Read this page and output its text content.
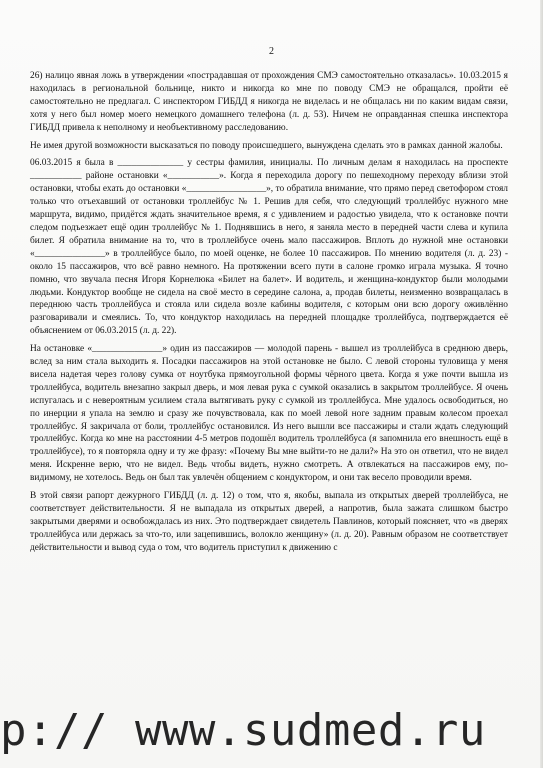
2

26) налицо явная ложь в утверждении «пострадавшая от прохождения СМЭ самостоятельно отказалась». 10.03.2015 я находилась в региональной больнице, никто и никогда ко мне по поводу СМЭ не обращался, пройти её самостоятельно не предлагал. С инспектором ГИБДД я никогда не виделась и не общалась ни по каким видам связи, хотя у него был номер моего немецкого домашнего телефона (л. д. 53). Ничем не оправданная спешка инспектора ГИБДД привела к неполному и необъективному расследованию.

Не имея другой возможности высказаться по поводу происшедшего, вынуждена сделать это в рамках данной жалобы.

06.03.2015 я была в ______________ у сестры фамилия, инициалы. По личным делам я находилась на проспекте ___________ районе остановки «___________». Когда я переходила дорогу по пешеходному переходу вблизи этой остановки, чтобы ехать до остановки «_________________», то обратила внимание, что прямо перед светофором стоял только что отъехавший от остановки троллейбус № 1. Решив для себя, что следующий троллейбус нужного мне маршрута, видимо, придётся ждать значительное время, я с удивлением и радостью увидела, что к остановке почти следом подъезжает ещё один троллейбус № 1. Поднявшись в него, я заняла место в передней части слева и купила билет. Я обратила внимание на то, что в троллейбусе очень мало пассажиров. Вплоть до нужной мне остановки «_______________» в троллейбусе было, по моей оценке, не более 10 пассажиров. По мнению водителя (л. д. 23) - около 15 пассажиров, что всё равно немного. На протяжении всего пути в салоне громко играла музыка. Я точно помню, что звучала песня Игоря Корнелюка «Билет на балет». И водитель, и женщина-кондуктор были молодыми людьми. Кондуктор вообще не сидела на своё место в середине салона, а, продав билеты, неизменно возвращалась в переднюю часть троллейбуса и стояла или сидела возле кабины водителя, с которым они всю дорогу оживлённо разговаривали и смеялись. То, что кондуктор находилась на передней площадке троллейбуса, подтверждается её объяснением от 06.03.2015 (л. д. 22).

На остановке «_______________» один из пассажиров — молодой парень - вышел из троллейбуса в среднюю дверь, вслед за ним стала выходить я. Посадки пассажиров на этой остановке не было. С левой стороны туловища у меня висела надетая через голову сумка от ноутбука прямоугольной формы чёрного цвета. Когда я уже почти вышла из троллейбуса, водитель внезапно закрыл дверь, и моя левая рука с сумкой оказались в закрытом троллейбусе. Я очень испугалась и с невероятным усилием стала вытягивать руку с сумкой из троллейбуса. Мне удалось освободиться, но по инерции я упала на землю и сразу же почувствовала, как по моей левой ноге задним правым колесом проехал троллейбус. Я закричала от боли, троллейбус остановился. Из него вышли все пассажиры и стали ждать следующий троллейбус. Когда ко мне на расстоянии 4-5 метров подошёл водитель троллейбуса (я запомнила его внешность ещё в троллейбусе), то я повторяла одну и ту же фразу: «Почему Вы мне выйти-то не дали?» На это он ответил, что не видел меня. Искренне верю, что не видел. Ведь чтобы видеть, нужно смотреть. А отвлекаться на пассажиров ему, по-видимому, не хотелось. Ведь он был так увлечён общением с кондуктором, и они так весело проводили время.

В этой связи рапорт дежурного ГИБДД (л. д. 12) о том, что я, якобы, выпала из открытых дверей троллейбуса, не соответствует действительности. Я не выпадала из открытых дверей, а напротив, была зажата слишком быстро закрытыми дверями и освобождалась из них. Это подтверждает свидетель Павлинов, который поясняет, что «в дверях троллейбуса или держась за что-то, или зацепившись, волокло женщину» (л. д. 20). Равным образом не соответствует действительности и вывод суда о том, что водитель приступил к движению с

p:// www.sudmed.ru
